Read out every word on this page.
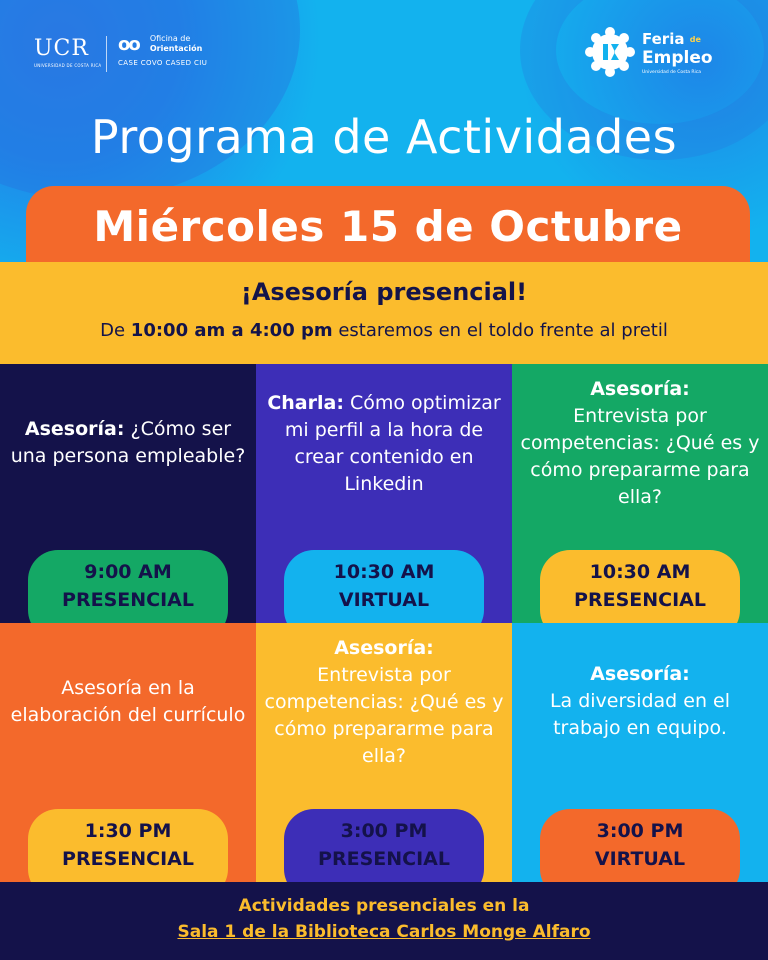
UCR
UNIVERSIDAD DE COSTA RICA
oo Oficina de
Orientación
CASE COVO CASED CIU
Feria de
Empleo
Universidad de Costa Rica
Programa de Actividades
Miércoles 15 de Octubre
¡Asesoría presencial!
De 10:00 am a 4:00 pm estaremos en el toldo frente al pretil
Asesoría: ¿Cómo ser una persona empleable?
9:00 AM
PRESENCIAL
Charla: Cómo optimizar mi perfil a la hora de crear contenido en Linkedin
10:30 AM
VIRTUAL
Asesoría:
Entrevista por competencias: ¿Qué es y cómo prepararme para ella?
10:30 AM
PRESENCIAL
Asesoría en la elaboración del currículo
1:30 PM
PRESENCIAL
Asesoría:
Entrevista por competencias: ¿Qué es y cómo prepararme para ella?
3:00 PM
PRESENCIAL
Asesoría:
La diversidad en el trabajo en equipo.
3:00 PM
VIRTUAL
Actividades presenciales en la
Sala 1 de la Biblioteca Carlos Monge Alfaro
